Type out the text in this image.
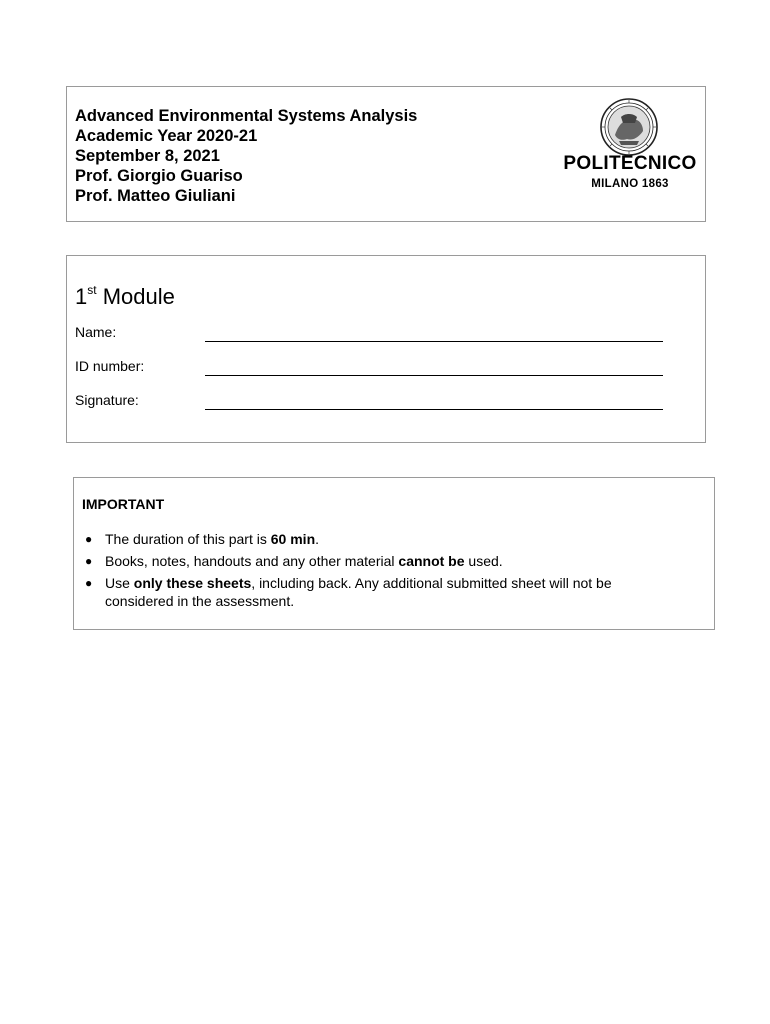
Advanced Environmental Systems Analysis
Academic Year 2020-21
September 8, 2021
Prof. Giorgio Guariso
Prof. Matteo Giuliani
POLITECNICO
MILANO 1863
1st Module
Name:
ID number:
Signature:
IMPORTANT
● The duration of this part is 60 min.
● Books, notes, handouts and any other material cannot be used.
● Use only these sheets, including back. Any additional submitted sheet will not be considered in the assessment.
